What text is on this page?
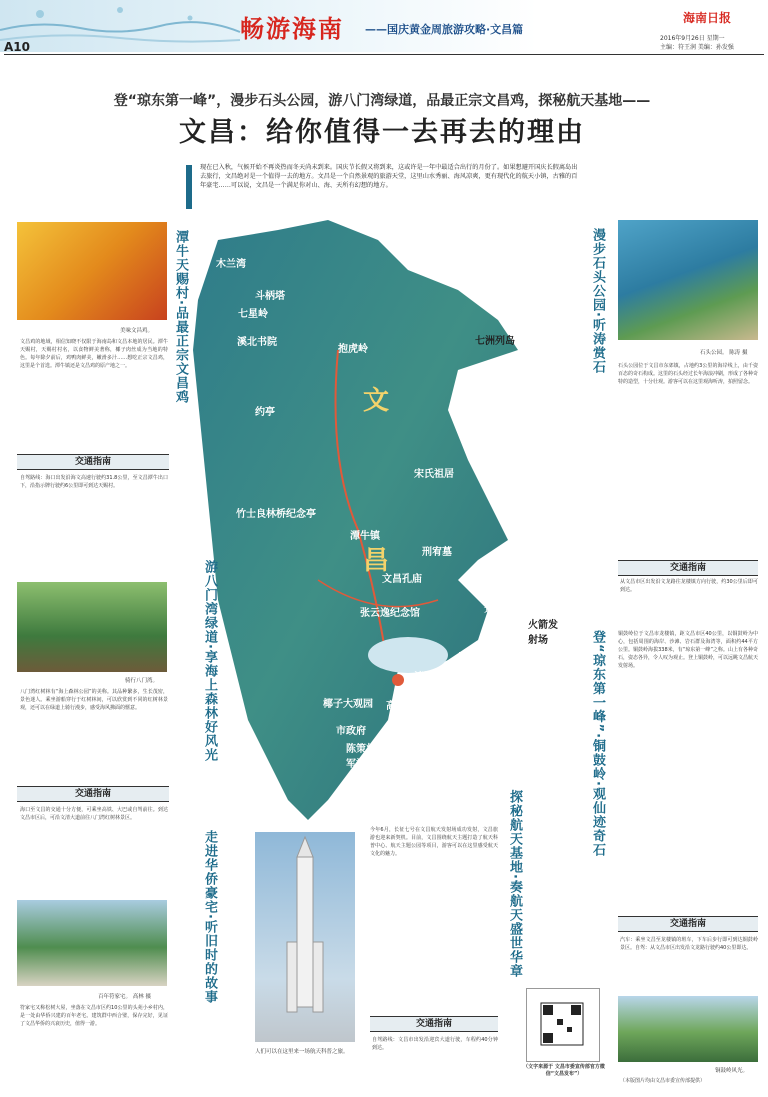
A10
畅游海南 ——国庆黄金周旅游攻略·文昌篇
海南日报
2016年9月26日 星期一
主编：符王润 美编：孙发强
登“琼东第一峰”，漫步石头公园，游八门湾绿道，品最正宗文昌鸡，探秘航天基地——
文昌：给你值得一去再去的理由
现在已入秋，气候开始不再炎热而冬天尚未到来。国庆节长假又将到来，这或许是一年中最适合出行的月份了。如果想避开国庆长假离岛出去旅行，文昌绝对是一个值得一去的地方。文昌是一个自然景观的旅游天堂，这里山水秀丽、海风凉爽，更有现代化的航天小镇，古雅的百年豪宅……可以说，文昌是一个满足你对山、海、天所有幻想的地方。
木兰湾
斗柄塔
七星岭
溪北书院
抱虎岭
七洲列岛
约亭
宋氏祖居
竹士良林桥纪念亭
潭牛镇
刑宥墓
文昌孔庙
石头公园
铜鼓岭风景区
张云逸纪念馆
火箭发射场
八门湾红树林
清澜港风景区	东郊椰林
椰子大观园 高隆湾
市政府
陈策将军祖居
三更峙
文
昌
潭牛天赐村·品最正宗文昌鸡
美味文昌鸡。
文昌鸡的地域，相信知晓不仅限于海南岛和文昌本地的居民。潭牛天赐村，天赐村村名，以食物鲜美著称，椰子肉丝成为当地的特色。每年除夕前后，鸡鸭肉鲜美，嫩滑多汁……想吃正宗文昌鸡，这里是个首选。潭牛镇还是文昌鸡的原产地之一。
交通指南
自驾路线：海口出发沿海文高速行驶约31.8公里，至文昌潭牛出口下，沿指示牌行驶约6公里即可到达天赐村。
游八门湾绿道·享海上森林好风光
骑行八门湾。
八门湾红树林有“海上森林公园”的美称。其品种繁多，生长茂密，景色迷人。乘坐游船穿行于红树林间，可以欣赏到不同的红树林景观，还可以在绿道上骑行漫步，感受海风拂面的惬意。
交通指南
海口至文昌的交通十分方便，可乘坐高铁、大巴或自驾前往。到达文昌市区后，可沿文清大道前往八门湾红树林景区。
走进华侨豪宅·听旧时的故事
百年符家宅。 高林 摄
符家宅又称松树大屋，坐落在文昌市区约10公里的头苑小乡村内，是一处由华侨兴建的百年老宅。建筑群中西合璧，保存完好，见证了文昌华侨的兴衰历史，值得一游。
人们可以在这里来一场航天科普之旅。
今年6月，长征七号在文昌航天发射场成功发射，文昌旅游也迎来新契机。目前，文昌围绕航天主题打造了航天科普中心、航天主题公园等项目，游客可以在这里感受航天文化的魅力。
交通指南
自驾路线：文昌市出发沿迎宾大道行驶，车程约40分钟到达。
探秘航天基地·奏航天盛世华章
（文字来源于 文昌市委宣传部官方微信“文昌发布”）
漫步石头公园·听涛赏石	石头公园。 陈涛 摄
石头公园位于文昌市东郊镇，占地约3公里的海岸线上，由千姿百态的奇石构成。这里的石头经过长年海浪冲刷，形成了各种奇特的造型，十分壮观。游客可以在这里观海听涛，拍照留念。
交通指南
从文昌市区出发沿文龙路往龙楼镇方向行驶，约30公里后即可到达。
登“琼东第一峰”·铜鼓岭·观仙迹奇石	铜鼓岭位于文昌市龙楼镇，距文昌市区40公里，以铜鼓岭为中心，包括周围的海岸、沙滩、岩石群及海湾等，面积约44平方公里。铜鼓岭海拔338米，有“琼东第一峰”之称。山上有各种奇石，姿态各异，令人叹为观止。登上铜鼓岭，可以远眺文昌航天发射场。
交通指南
汽车：乘坐文昌至龙楼镇的班车，下车后步行即可到达铜鼓岭景区。自驾：从文昌市区出发沿文龙路行驶约40公里即达。
铜鼓岭风光。
（本版图片均由文昌市委宣传部提供）
